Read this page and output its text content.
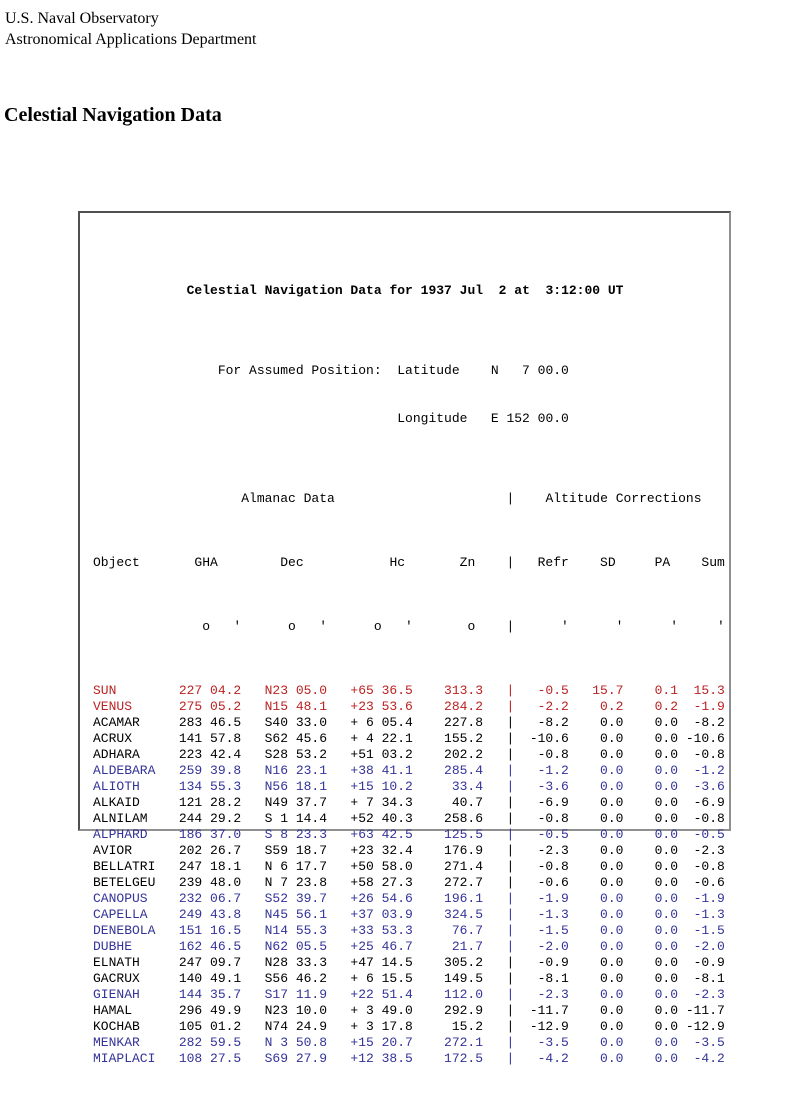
U.S. Naval Observatory
Astronomical Applications Department
Celestial Navigation Data

Celestial Navigation Data for 1937 Jul  2 at  3:12:00 UT

For Assumed Position: Latitude	N   7 00.0

Longitude	E 152 00.0

Almanac Data	| Altitude Corrections

Object	GHA	Dec	Hc	Zn	|	Refr	SD	PA	Sum

o   '	o   '	o   '	o	|	'	'	'	'

SUN	227 04.2	N23 05.0	+65 36.5	313.3	|	-0.5	15.7	0.1	15.3
VENUS	275 05.2	N15 48.1	+23 53.6	284.2	|	-2.2	0.2	0.2	-1.9
ACAMAR	283 46.5	S40 33.0	+ 6 05.4	227.8	|	-8.2	0.0	0.0	-8.2
ACRUX	141 57.8	S62 45.6	+ 4 22.1	155.2	|	-10.6	0.0	0.0 -10.6
ADHARA	223 42.4	S28 53.2	+51 03.2	202.2	|	-0.8	0.0	0.0	-0.8
ALDEBARA	259 39.8	N16 23.1	+38 41.1	285.4	|	-1.2	0.0	0.0	-1.2
ALIOTH	134 55.3	N56 18.1	+15 10.2	33.4	|	-3.6	0.0	0.0	-3.6
ALKAID	121 28.2	N49 37.7	+ 7 34.3	40.7	|	-6.9	0.0	0.0	-6.9
ALNILAM	244 29.2	S 1 14.4	+52 40.3	258.6	|	-0.8	0.0	0.0	-0.8
ALPHARD	186 37.0	S 8 23.3	+63 42.5	125.5	|	-0.5	0.0	0.0	-0.5
AVIOR	202 26.7	S59 18.7	+23 32.4	176.9	|	-2.3	0.0	0.0	-2.3
BELLATRI	247 18.1	N 6 17.7	+50 58.0	271.4	|	-0.8	0.0	0.0	-0.8
BETELGEU	239 48.0	N 7 23.8	+58 27.3	272.7	|	-0.6	0.0	0.0	-0.6
CANOPUS	232 06.7	S52 39.7	+26 54.6	196.1	|	-1.9	0.0	0.0	-1.9
CAPELLA	249 43.8	N45 56.1	+37 03.9	324.5	|	-1.3	0.0	0.0	-1.3
DENEBOLA	151 16.5	N14 55.3	+33 53.3	76.7	|	-1.5	0.0	0.0	-1.5
DUBHE	162 46.5	N62 05.5	+25 46.7	21.7	|	-2.0	0.0	0.0	-2.0
ELNATH	247 09.7	N28 33.3	+47 14.5	305.2	|	-0.9	0.0	0.0	-0.9
GACRUX	140 49.1	S56 46.2	+ 6 15.5	149.5	|	-8.1	0.0	0.0	-8.1
GIENAH	144 35.7	S17 11.9	+22 51.4	112.0	|	-2.3	0.0	0.0	-2.3
HAMAL	296 49.9	N23 10.0	+ 3 49.0	292.9	|	-11.7	0.0	0.0 -11.7
KOCHAB	105 01.2	N74 24.9	+ 3 17.8	15.2	|	-12.9	0.0	0.0 -12.9
MENKAR	282 59.5	N 3 50.8	+15 20.7	272.1	|	-3.5	0.0	0.0	-3.5
MIAPLACI	108 27.5	S69 27.9	+12 38.5	172.5	|	-4.2	0.0	0.0	-4.2
